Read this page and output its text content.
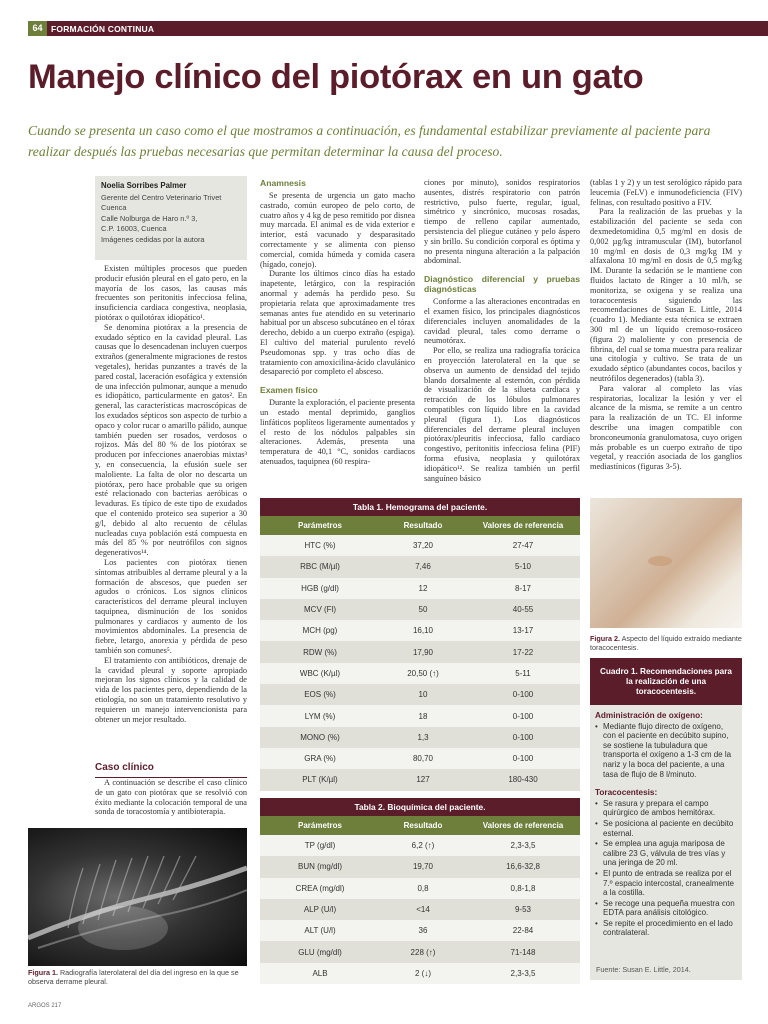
64	FORMACIÓN CONTINUA
Manejo clínico del piotórax en un gato

Cuando se presenta un caso como el que mostramos a continuación, es fundamental estabilizar previamente al paciente para realizar después las pruebas necesarias que permitan determinar la causa del proceso.

Noelia Sorribes Palmer
Gerente del Centro Veterinario Trivet
Cuenca
Calle Nolburga de Haro n.º 3,
C.P. 16003, Cuenca
Imágenes cedidas por la autora

Existen múltiples procesos que pueden producir efusión pleural en el gato pero, en la mayoría de los casos, las causas más frecuentes son peritonitis infecciosa felina, insuficiencia cardiaca congestiva, neoplasia, piotórax o quilotórax idiopático¹.

Se denomina piotórax a la presencia de exudado séptico en la cavidad pleural. Las causas que lo desencadenan incluyen cuerpos extraños (generalmente migraciones de restos vegetales), heridas punzantes a través de la pared costal, laceración esofágica y extensión de una infección pulmonar, aunque a menudo es idiopático, particularmente en gatos². En general, las características macroscópicas de los exudados sépticos son aspecto de turbio a opaco y color rucar o amarillo pálido, aunque también pueden ser rosados, verdosos o rojizos. Más del 80 % de los piotórax se producen por infecciones anaerobias mixtas³ y, en consecuencia, la efusión suele ser maloliente. La falta de olor no descarta un piotórax, pero hace probable que su origen esté relacionado con bacterias aeróbicas o levaduras. Es típico de este tipo de exudados que el contenido proteico sea superior a 30 g/l, debido al alto recuento de células nucleadas cuya población está compuesta en más del 85 % por neutrófilos con signos degenerativos¹⁴.

Los pacientes con piotórax tienen síntomas atribuibles al derrame pleural y a la formación de abscesos, que pueden ser agudos o crónicos. Los signos clínicos característicos del derrame pleural incluyen taquipnea, disminución de los sonidos pulmonares y cardiacos y aumento de los movimientos abdominales. La presencia de fiebre, letargo, anorexia y pérdida de peso también son comunes⁵.

El tratamiento con antibióticos, drenaje de la cavidad pleural y soporte apropiado mejoran los signos clínicos y la calidad de vida de los pacientes pero, dependiendo de la etiología, no son un tratamiento resolutivo y requieren un manejo intervencionista para obtener un mejor resultado.

Caso clínico

A continuación se describe el caso clínico de un gato con piotórax que se resolvió con éxito mediante la colocación temporal de una sonda de toracostomía y antibioterapia.

Figura 1. Radiografía laterolateral del día del ingreso en la que se observa derrame pleural.
Anamnesis

Se presenta de urgencia un gato macho castrado, común europeo de pelo corto, de cuatro años y 4 kg de peso remitido por disnea muy marcada. El animal es de vida exterior e interior, está vacunado y desparasitado correctamente y se alimenta con pienso comercial, comida húmeda y comida casera (hígado, conejo).

Durante los últimos cinco días ha estado inapetente, letárgico, con la respiración anormal y además ha perdido peso. Su propietaria relata que aproximadamente tres semanas antes fue atendido en su veterinario habitual por un absceso subcutáneo en el tórax derecho, debido a un cuerpo extraño (espiga). El cultivo del material purulento reveló Pseudomonas spp. y tras ocho días de tratamiento con amoxicilina-ácido clavulánico desapareció por completo el absceso.

Examen físico

Durante la exploración, el paciente presenta un estado mental deprimido, ganglios linfáticos poplíteos ligeramente aumentados y el resto de los nódulos palpables sin alteraciones. Además, presenta una temperatura de 40,1 °C, sonidos cardiacos atenuados, taquipnea (60 respira-

ciones por minuto), sonidos respiratorios ausentes, distrés respiratorio con patrón restrictivo, pulso fuerte, regular, igual, simétrico y sincrónico, mucosas rosadas, tiempo de relleno capilar aumentado, persistencia del pliegue cutáneo y pelo áspero y sin brillo. Su condición corporal es óptima y no presenta ninguna alteración a la palpación abdominal.

Diagnóstico diferencial y pruebas diagnósticas

Conforme a las alteraciones encontradas en el examen físico, los principales diagnósticos diferenciales incluyen anomalidades de la cavidad pleural, tales como derrame o neumotórax.

Por ello, se realiza una radiografía torácica en proyección laterolateral en la que se observa un aumento de densidad del tejido blando dorsalmente al esternón, con pérdida de visualización de la silueta cardiaca y retracción de los lóbulos pulmonares compatibles con líquido libre en la cavidad pleural (figura 1). Los diagnósticos diferenciales del derrame pleural incluyen piotórax/pleuritis infecciosa, fallo cardiaco congestivo, peritonitis infecciosa felina (PIF) forma efusiva, neoplasia y quilotórax idiopático¹². Se realiza también un perfil sanguíneo básico

Tabla 1. Hemograma del paciente.
Parámetros	Resultado	Valores de referencia
HTC (%)	37,20	27-47
RBC (M/µl)	7,46	5-10
HGB (g/dl)	12	8-17
MCV (Fl)	50	40-55
MCH (pg)	16,10	13-17
RDW (%)	17,90	17-22
WBC (K/µl)	20,50 (↑)	5-11
EOS (%)	10	0-100
LYM (%)	18	0-100
MONO (%)	1,3	0-100
GRA (%)	80,70	0-100
PLT (K/µl)	127	180-430
Tabla 2. Bioquímica del paciente.
Parámetros	Resultado	Valores de referencia
TP (g/dl)	6,2 (↑)	2,3-3,5
BUN (mg/dl)	19,70	16,6-32,8
CREA (mg/dl)	0,8	0,8-1,8
ALP (U/l)	<14	9-53
ALT (U/l)	36	22-84
GLU (mg/dl)	228 (↑)	71-148
ALB	2 (↓)	2,3-3,5

(tablas 1 y 2) y un test serológico rápido para leucemia (FeLV) e inmunodeficiencia (FIV) felinas, con resultado positivo a FIV.

Para la realización de las pruebas y la estabilización del paciente se seda con dexmedetomidina 0,5 mg/ml en dosis de 0,002 µg/kg intramuscular (IM), butorfanol 10 mg/ml en dosis de 0,3 mg/kg IM y alfaxalona 10 mg/ml en dosis de 0,5 mg/kg IM. Durante la sedación se le mantiene con fluidos lactato de Ringer a 10 ml/h, se monitoriza, se oxigena y se realiza una toracocentesis siguiendo las recomendaciones de Susan E. Little, 2014 (cuadro 1). Mediante esta técnica se extraen 300 ml de un líquido cremoso-rosáceo (figura 2) maloliente y con presencia de fibrina, del cual se toma muestra para realizar una citología y cultivo. Se trata de un exudado séptico (abundantes cocos, bacilos y neutrófilos degenerados) (tabla 3).

Para valorar al completo las vías respiratorias, localizar la lesión y ver el alcance de la misma, se remite a un centro para la realización de un TC. El informe describe una imagen compatible con bronconeumonía granulomatosa, cuyo origen más probable es un cuerpo extraño de tipo vegetal, y reacción asociada de los ganglios mediastínicos (figuras 3-5).

Figura 2. Aspecto del líquido extraído mediante toracocentesis.
Cuadro 1. Recomendaciones para la realización de una toracocentesis.
Administración de oxígeno:
• Mediante flujo directo de oxígeno, con el paciente en decúbito supino, se sostiene la tubuladura que transporta el oxígeno a 1-3 cm de la nariz y la boca del paciente, a una tasa de flujo de 8 l/minuto.
Toracocentesis:
• Se rasura y prepara el campo quirúrgico de ambos hemitórax.
• Se posiciona al paciente en decúbito esternal.
• Se emplea una aguja mariposa de calibre 23 G, válvula de tres vías y una jeringa de 20 ml.
• El punto de entrada se realiza por el 7.º espacio intercostal, cranealmente a la costilla.
• Se recoge una pequeña muestra con EDTA para análisis citológico.
• Se repite el procedimiento en el lado contralateral.
Fuente: Susan E. Little, 2014.
ARGOS 217
